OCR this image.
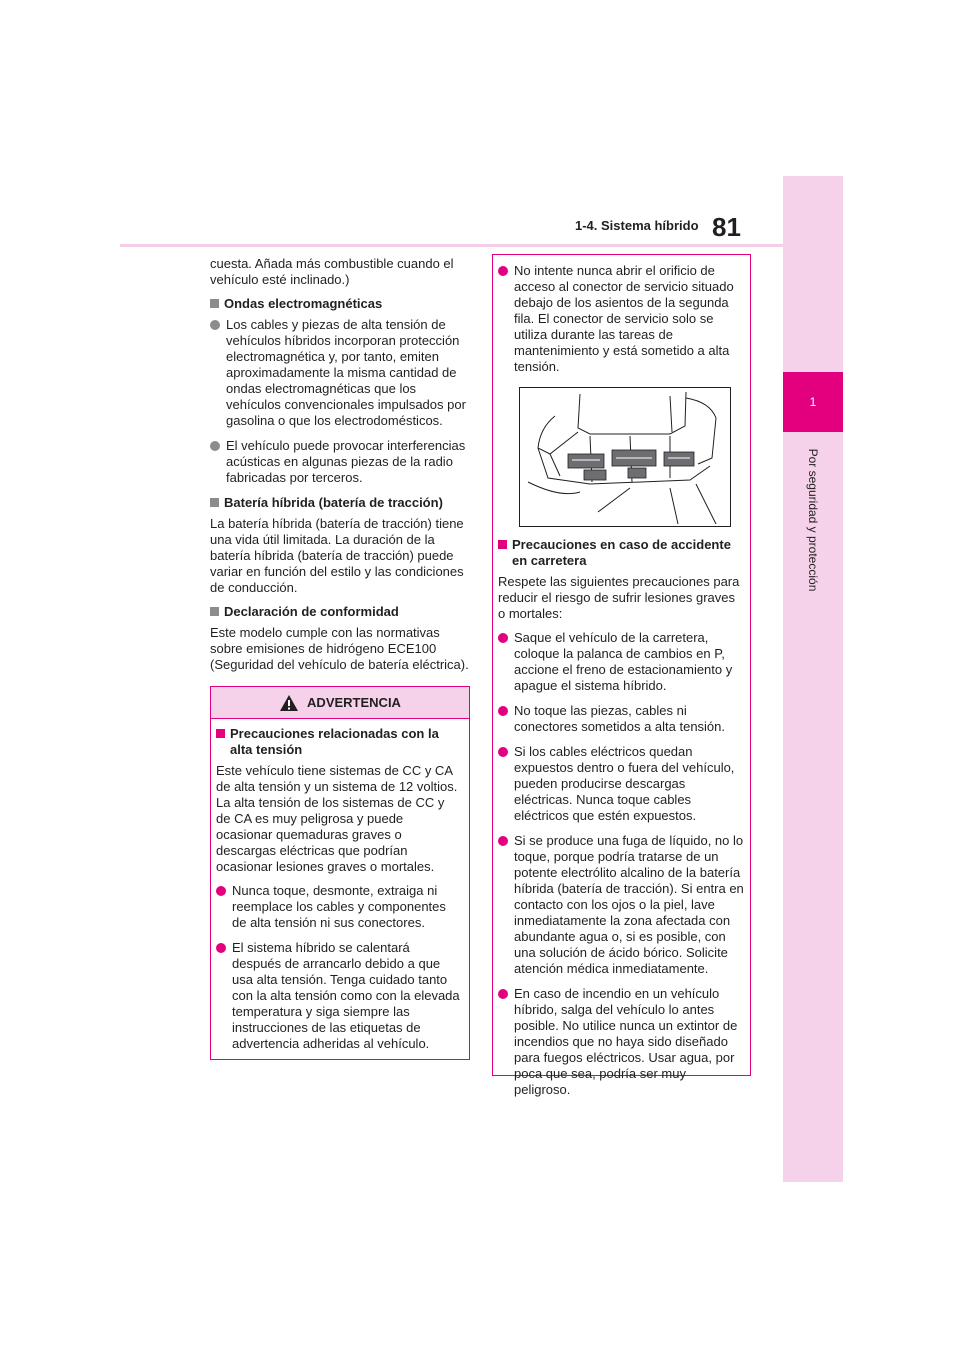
1-4. Sistema híbrido 81
1
Por seguridad y protección

cuesta. Añada más combustible cuando el vehículo esté inclinado.)

Ondas electromagnéticas

Los cables y piezas de alta tensión de vehículos híbridos incorporan protección electromagnética y, por tanto, emiten aproximadamente la misma cantidad de ondas electromagnéticas que los vehículos convencionales impulsados por gasolina o que los electrodomésticos.

El vehículo puede provocar interferencias acústicas en algunas piezas de la radio fabricadas por terceros.

Batería híbrida (batería de tracción)

La batería híbrida (batería de tracción) tiene una vida útil limitada. La duración de la batería híbrida (batería de tracción) puede variar en función del estilo y las condiciones de conducción.

Declaración de conformidad

Este modelo cumple con las normativas sobre emisiones de hidrógeno ECE100 (Seguridad del vehículo de batería eléctrica).

ADVERTENCIA

Precauciones relacionadas con la alta tensión

Este vehículo tiene sistemas de CC y CA de alta tensión y un sistema de 12 voltios. La alta tensión de los sistemas de CC y de CA es muy peligrosa y puede ocasionar quemaduras graves o descargas eléctricas que podrían ocasionar lesiones graves o mortales.

Nunca toque, desmonte, extraiga ni reemplace los cables y componentes de alta tensión ni sus conectores.

El sistema híbrido se calentará después de arrancarlo debido a que usa alta tensión. Tenga cuidado tanto con la alta tensión como con la elevada temperatura y siga siempre las instrucciones de las etiquetas de advertencia adheridas al vehículo.

No intente nunca abrir el orificio de acceso al conector de servicio situado debajo de los asientos de la segunda fila. El conector de servicio solo se utiliza durante las tareas de mantenimiento y está sometido a alta tensión.

Precauciones en caso de accidente en carretera

Respete las siguientes precauciones para reducir el riesgo de sufrir lesiones graves o mortales:

Saque el vehículo de la carretera, coloque la palanca de cambios en P, accione el freno de estacionamiento y apague el sistema híbrido.

No toque las piezas, cables ni conectores sometidos a alta tensión.

Si los cables eléctricos quedan expuestos dentro o fuera del vehículo, pueden producirse descargas eléctricas. Nunca toque cables eléctricos que estén expuestos.

Si se produce una fuga de líquido, no lo toque, porque podría tratarse de un potente electrólito alcalino de la batería híbrida (batería de tracción). Si entra en contacto con los ojos o la piel, lave inmediatamente la zona afectada con abundante agua o, si es posible, con una solución de ácido bórico. Solicite atención médica inmediatamente.

En caso de incendio en un vehículo híbrido, salga del vehículo lo antes posible. No utilice nunca un extintor de incendios que no haya sido diseñado para fuegos eléctricos. Usar agua, por poca que sea, podría ser muy peligroso.
